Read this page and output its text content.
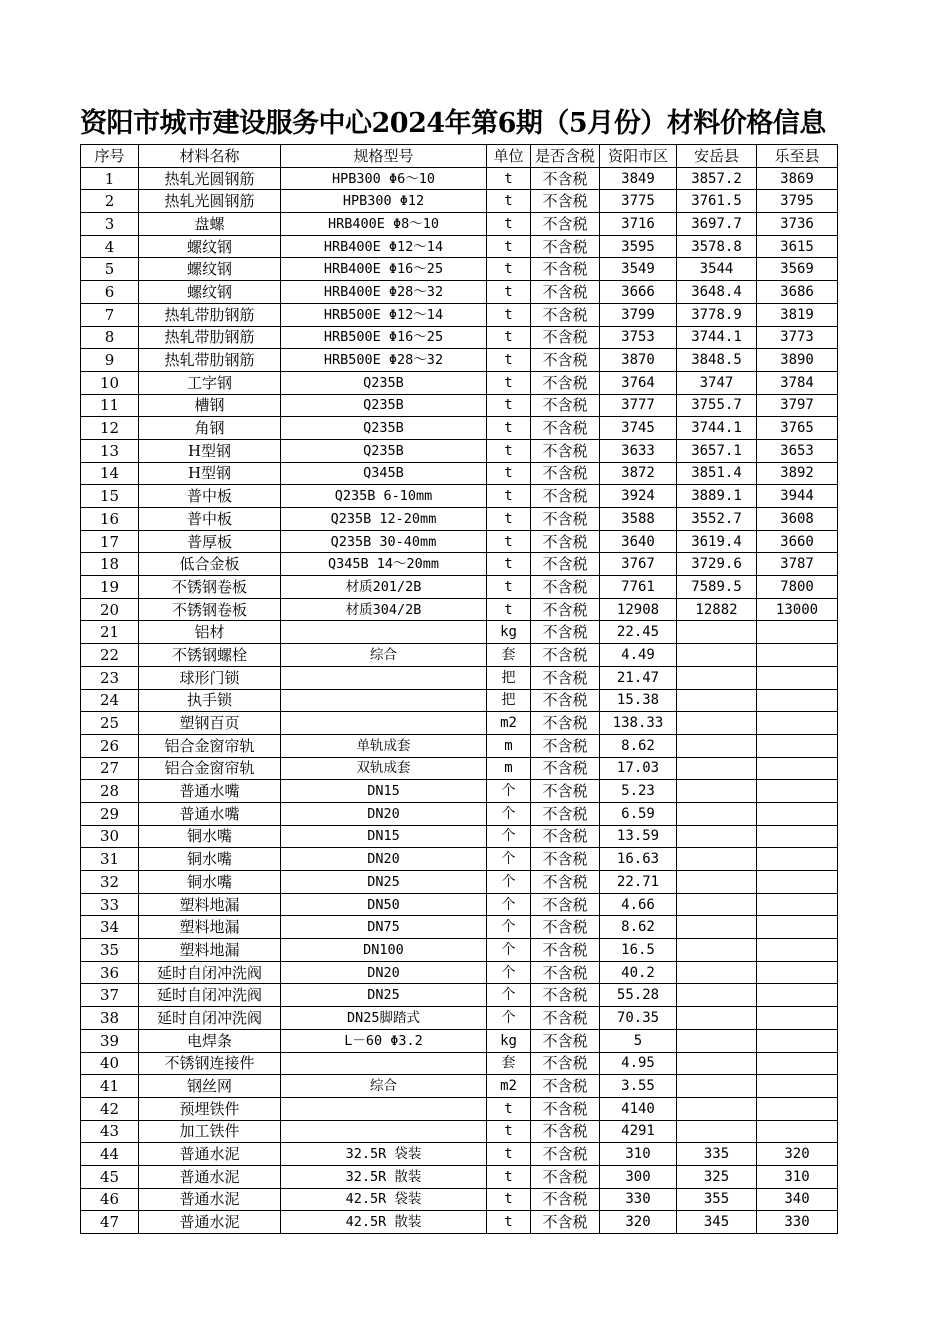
资阳市城市建设服务中心2024年第6期（5月份）材料价格信息
序号	材料名称	规格型号	单位	是否含税	资阳市区	安岳县	乐至县
1	热轧光圆钢筋	HPB300 Φ6～10	t	不含税	3849	3857.2	3869
2	热轧光圆钢筋	HPB300 Φ12	t	不含税	3775	3761.5	3795
3	盘螺	HRB400E Φ8～10	t	不含税	3716	3697.7	3736
4	螺纹钢	HRB400E Φ12～14	t	不含税	3595	3578.8	3615
5	螺纹钢	HRB400E Φ16～25	t	不含税	3549	3544	3569
6	螺纹钢	HRB400E Φ28～32	t	不含税	3666	3648.4	3686
7	热轧带肋钢筋	HRB500E Φ12～14	t	不含税	3799	3778.9	3819
8	热轧带肋钢筋	HRB500E Φ16～25	t	不含税	3753	3744.1	3773
9	热轧带肋钢筋	HRB500E Φ28～32	t	不含税	3870	3848.5	3890
10	工字钢	Q235B	t	不含税	3764	3747	3784
11	槽钢	Q235B	t	不含税	3777	3755.7	3797
12	角钢	Q235B	t	不含税	3745	3744.1	3765
13	H型钢	Q235B	t	不含税	3633	3657.1	3653
14	H型钢	Q345B	t	不含税	3872	3851.4	3892
15	普中板	Q235B 6-10mm	t	不含税	3924	3889.1	3944
16	普中板	Q235B 12-20mm	t	不含税	3588	3552.7	3608
17	普厚板	Q235B 30-40mm	t	不含税	3640	3619.4	3660
18	低合金板	Q345B 14～20mm	t	不含税	3767	3729.6	3787
19	不锈钢卷板	材质201/2B	t	不含税	7761	7589.5	7800
20	不锈钢卷板	材质304/2B	t	不含税	12908	12882	13000
21	铝材		kg	不含税	22.45		
22	不锈钢螺栓	综合	套	不含税	4.49		
23	球形门锁		把	不含税	21.47		
24	执手锁		把	不含税	15.38		
25	塑钢百页		m2	不含税	138.33		
26	铝合金窗帘轨	单轨成套	m	不含税	8.62		
27	铝合金窗帘轨	双轨成套	m	不含税	17.03		
28	普通水嘴	DN15	个	不含税	5.23		
29	普通水嘴	DN20	个	不含税	6.59		
30	铜水嘴	DN15	个	不含税	13.59		
31	铜水嘴	DN20	个	不含税	16.63		
32	铜水嘴	DN25	个	不含税	22.71		
33	塑料地漏	DN50	个	不含税	4.66		
34	塑料地漏	DN75	个	不含税	8.62		
35	塑料地漏	DN100	个	不含税	16.5		
36	延时自闭冲洗阀	DN20	个	不含税	40.2		
37	延时自闭冲洗阀	DN25	个	不含税	55.28		
38	延时自闭冲洗阀	DN25脚踏式	个	不含税	70.35		
39	电焊条	L－60 Φ3.2	kg	不含税	5		
40	不锈钢连接件		套	不含税	4.95		
41	钢丝网	综合	m2	不含税	3.55		
42	预埋铁件		t	不含税	4140		
43	加工铁件		t	不含税	4291		
44	普通水泥	32.5R 袋装	t	不含税	310	335	320
45	普通水泥	32.5R 散装	t	不含税	300	325	310
46	普通水泥	42.5R 袋装	t	不含税	330	355	340
47	普通水泥	42.5R 散装	t	不含税	320	345	330
